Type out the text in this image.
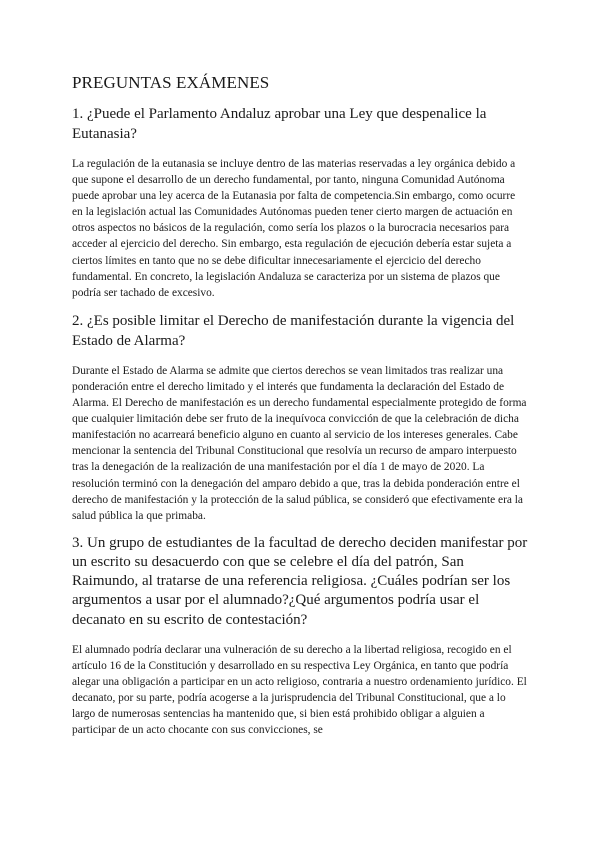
PREGUNTAS EXÁMENES
1. ¿Puede el Parlamento Andaluz aprobar una Ley que despenalice la Eutanasia?

La regulación de la eutanasia se incluye dentro de las materias reservadas a ley orgánica debido a que supone el desarrollo de un derecho fundamental, por tanto, ninguna Comunidad Autónoma puede aprobar una ley acerca de la Eutanasia por falta de competencia.Sin embargo, como ocurre en la legislación actual las Comunidades Autónomas pueden tener cierto margen de actuación en otros aspectos no básicos de la regulación, como sería los plazos o la burocracia necesarios para acceder al ejercicio del derecho. Sin embargo, esta regulación de ejecución debería estar sujeta a ciertos límites en tanto que no se debe dificultar innecesariamente el ejercicio del derecho fundamental. En concreto, la legislación Andaluza se caracteriza por un sistema de plazos que podría ser tachado de excesivo.

2. ¿Es posible limitar el Derecho de manifestación durante la vigencia del Estado de Alarma?

Durante el Estado de Alarma se admite que ciertos derechos se vean limitados tras realizar una ponderación entre el derecho limitado y el interés que fundamenta la declaración del Estado de Alarma. El Derecho de manifestación es un derecho fundamental especialmente protegido de forma que cualquier limitación debe ser fruto de la inequívoca convicción de que la celebración de dicha manifestación no acarreará beneficio alguno en cuanto al servicio de los intereses generales. Cabe mencionar la sentencia del Tribunal Constitucional que resolvía un recurso de amparo interpuesto tras la denegación de la realización de una manifestación por el día 1 de mayo de 2020. La resolución terminó con la denegación del amparo debido a que, tras la debida ponderación entre el derecho de manifestación y la protección de la salud pública, se consideró que efectivamente era la salud pública la que primaba.

3. Un grupo de estudiantes de la facultad de derecho deciden manifestar por un escrito su desacuerdo con que se celebre el día del patrón, San Raimundo, al tratarse de una referencia religiosa. ¿Cuáles podrían ser los argumentos a usar por el alumnado?¿Qué argumentos podría usar el decanato en su escrito de contestación?

El alumnado podría declarar una vulneración de su derecho a la libertad religiosa, recogido en el artículo 16 de la Constitución y desarrollado en su respectiva Ley Orgánica, en tanto que podría alegar una obligación a participar en un acto religioso, contraria a nuestro ordenamiento jurídico. El decanato, por su parte, podría acogerse a la jurisprudencia del Tribunal Constitucional, que a lo largo de numerosas sentencias ha mantenido que, si bien está prohibido obligar a alguien a participar de un acto chocante con sus convicciones, se
